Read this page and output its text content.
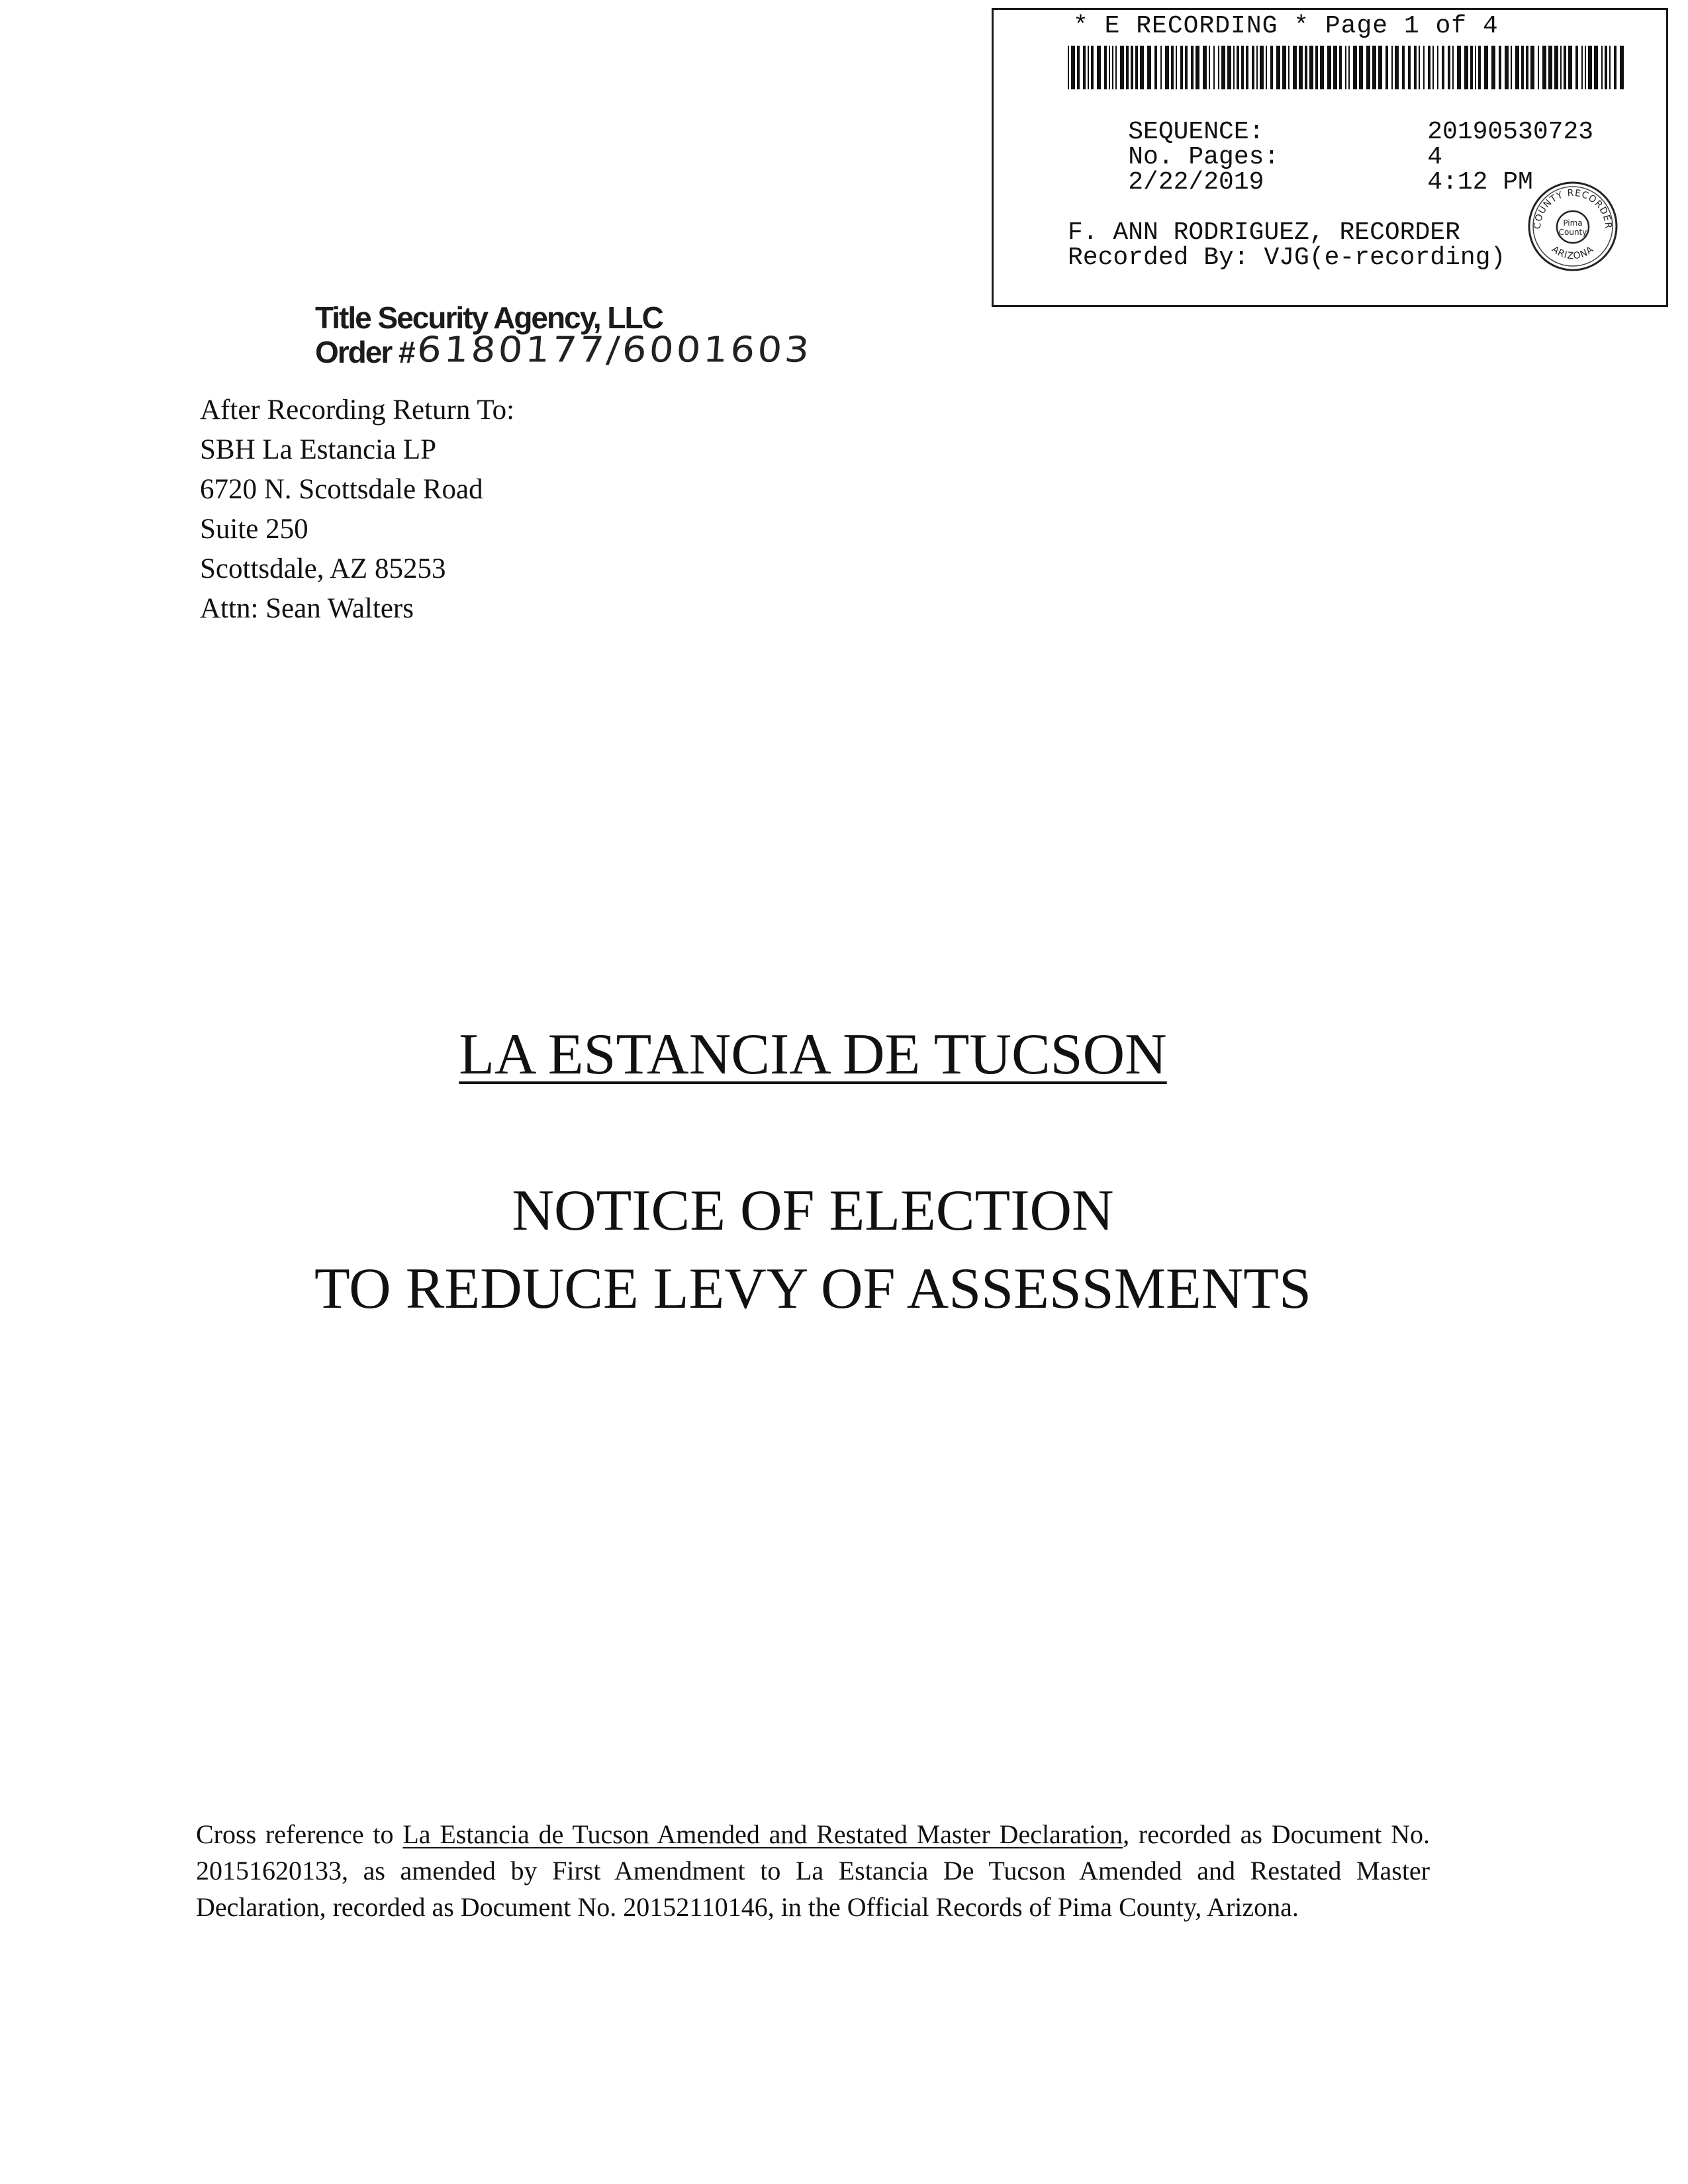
* E RECORDING * Page 1 of 4

SEQUENCE:	20190530723

No. Pages:	4

2/22/2019	4:12 PM

F. ANN RODRIGUEZ, RECORDER
Recorded By: VJG(e-recording)
COUNTY RECORDER
ARIZONA
Pima
County
Title Security Agency, LLC
Order #6180177/6001603
After Recording Return To:
SBH La Estancia LP
6720 N. Scottsdale Road
Suite 250
Scottsdale, AZ 85253
Attn: Sean Walters
LA ESTANCIA DE TUCSON
NOTICE OF ELECTION
TO REDUCE LEVY OF ASSESSMENTS
Cross reference to La Estancia de Tucson Amended and Restated Master Declaration, recorded as Document No. 20151620133, as amended by First Amendment to La Estancia De Tucson Amended and Restated Master Declaration, recorded as Document No. 20152110146, in the Official Records of Pima County, Arizona.
